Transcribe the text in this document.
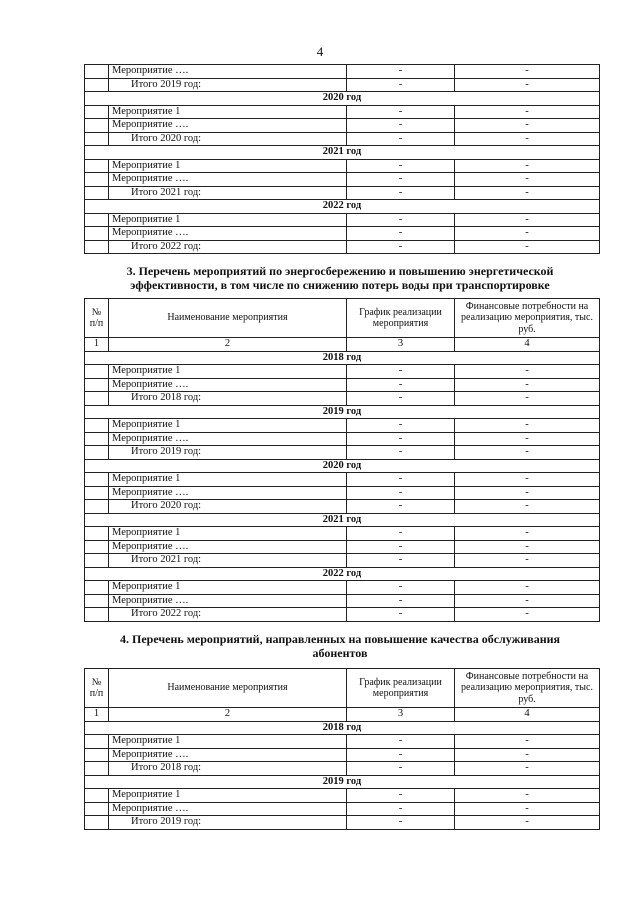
4
	Мероприятие ….	-	-
	Итого 2019 год:	-	-
2020 год			
	Мероприятие 1	-	-
	Мероприятие ….	-	-
	Итого 2020 год:	-	-
2021 год			
	Мероприятие 1	-	-
	Мероприятие ….	-	-
	Итого 2021 год:	-	-
2022 год			
	Мероприятие 1	-	-
	Мероприятие ….	-	-
	Итого 2022 год:	-	-
3. Перечень мероприятий по энергосбережению и повышению энергетической
эффективности, в том числе по снижению потерь воды при транспортировке
№ п/п	Наименование мероприятия	График реализации мероприятия	Финансовые потребности на реализацию мероприятия, тыс. руб.
1	2	3	4
2018 год			
	Мероприятие 1	-	-
	Мероприятие ….	-	-
	Итого 2018 год:	-	-
2019 год			
	Мероприятие 1	-	-
	Мероприятие ….	-	-
	Итого 2019 год:	-	-
2020 год			
	Мероприятие 1	-	-
	Мероприятие ….	-	-
	Итого 2020 год:	-	-
2021 год			
	Мероприятие 1	-	-
	Мероприятие ….	-	-
	Итого 2021 год:	-	-
2022 год			
	Мероприятие 1	-	-
	Мероприятие ….	-	-
	Итого 2022 год:	-	-
4. Перечень мероприятий, направленных на повышение качества обслуживания
абонентов
№ п/п	Наименование мероприятия	График реализации мероприятия	Финансовые потребности на реализацию мероприятия, тыс. руб.
1	2	3	4
2018 год			
	Мероприятие 1	-	-
	Мероприятие ….	-	-
	Итого 2018 год:	-	-
2019 год			
	Мероприятие 1	-	-
	Мероприятие ….	-	-
	Итого 2019 год:	-	-
